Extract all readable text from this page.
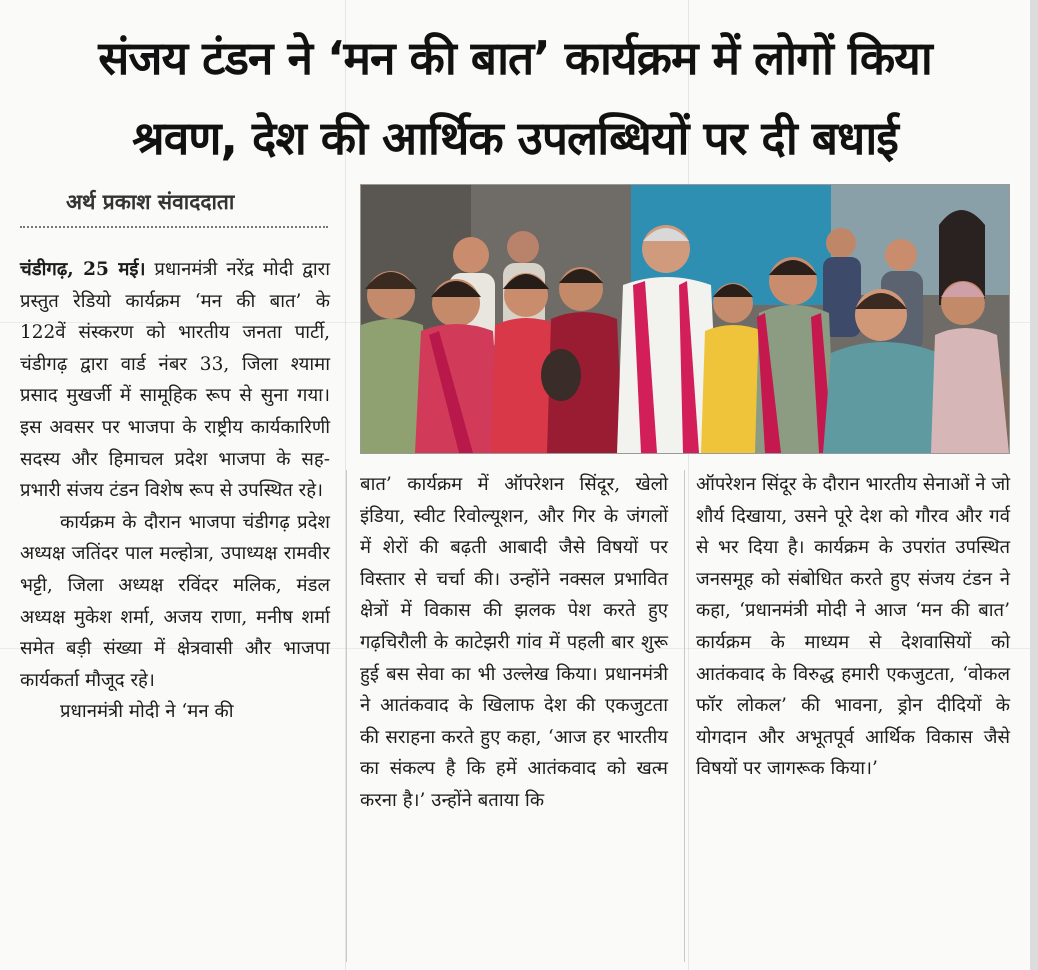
संजय टंडन ने ‘मन की बात’ कार्यक्रम में लोगों किया
श्रवण, देश की आर्थिक उपलब्धियों पर दी बधाई
अर्थ प्रकाश संवाददाता

चंडीगढ़, 25 मई। प्रधानमंत्री नरेंद्र मोदी द्वारा प्रस्तुत रेडियो कार्यक्रम ‘मन की बात’ के 122वें संस्करण को भारतीय जनता पार्टी, चंडीगढ़ द्वारा वार्ड नंबर 33, जिला श्यामा प्रसाद मुखर्जी में सामूहिक रूप से सुना गया। इस अवसर पर भाजपा के राष्ट्रीय कार्यकारिणी सदस्य और हिमाचल प्रदेश भाजपा के सह-प्रभारी संजय टंडन विशेष रूप से उपस्थित रहे।

कार्यक्रम के दौरान भाजपा चंडीगढ़ प्रदेश अध्यक्ष जतिंदर पाल मल्होत्रा, उपाध्यक्ष रामवीर भट्टी, जिला अध्यक्ष रविंदर मलिक, मंडल अध्यक्ष मुकेश शर्मा, अजय राणा, मनीष शर्मा समेत बड़ी संख्या में क्षेत्रवासी और भाजपा कार्यकर्ता मौजूद रहे।

प्रधानमंत्री मोदी ने ‘मन की

बात’ कार्यक्रम में ऑपरेशन सिंदूर, खेलो इंडिया, स्वीट रिवोल्यूशन, और गिर के जंगलों में शेरों की बढ़ती आबादी जैसे विषयों पर विस्तार से चर्चा की। उन्होंने नक्सल प्रभावित क्षेत्रों में विकास की झलक पेश करते हुए गढ़चिरौली के काटेझरी गांव में पहली बार शुरू हुई बस सेवा का भी उल्लेख किया। प्रधानमंत्री ने आतंकवाद के खिलाफ देश की एकजुटता की सराहना करते हुए कहा, ‘आज हर भारतीय का संकल्प है कि हमें आतंकवाद को खत्म करना है।’ उन्होंने बताया कि

ऑपरेशन सिंदूर के दौरान भारतीय सेनाओं ने जो शौर्य दिखाया, उसने पूरे देश को गौरव और गर्व से भर दिया है। कार्यक्रम के उपरांत उपस्थित जनसमूह को संबोधित करते हुए संजय टंडन ने कहा, ‘प्रधानमंत्री मोदी ने आज ‘मन की बात’ कार्यक्रम के माध्यम से देशवासियों को आतंकवाद के विरुद्ध हमारी एकजुटता, ‘वोकल फॉर लोकल’ की भावना, ड्रोन दीदियों के योगदान और अभूतपूर्व आर्थिक विकास जैसे विषयों पर जागरूक किया।’
